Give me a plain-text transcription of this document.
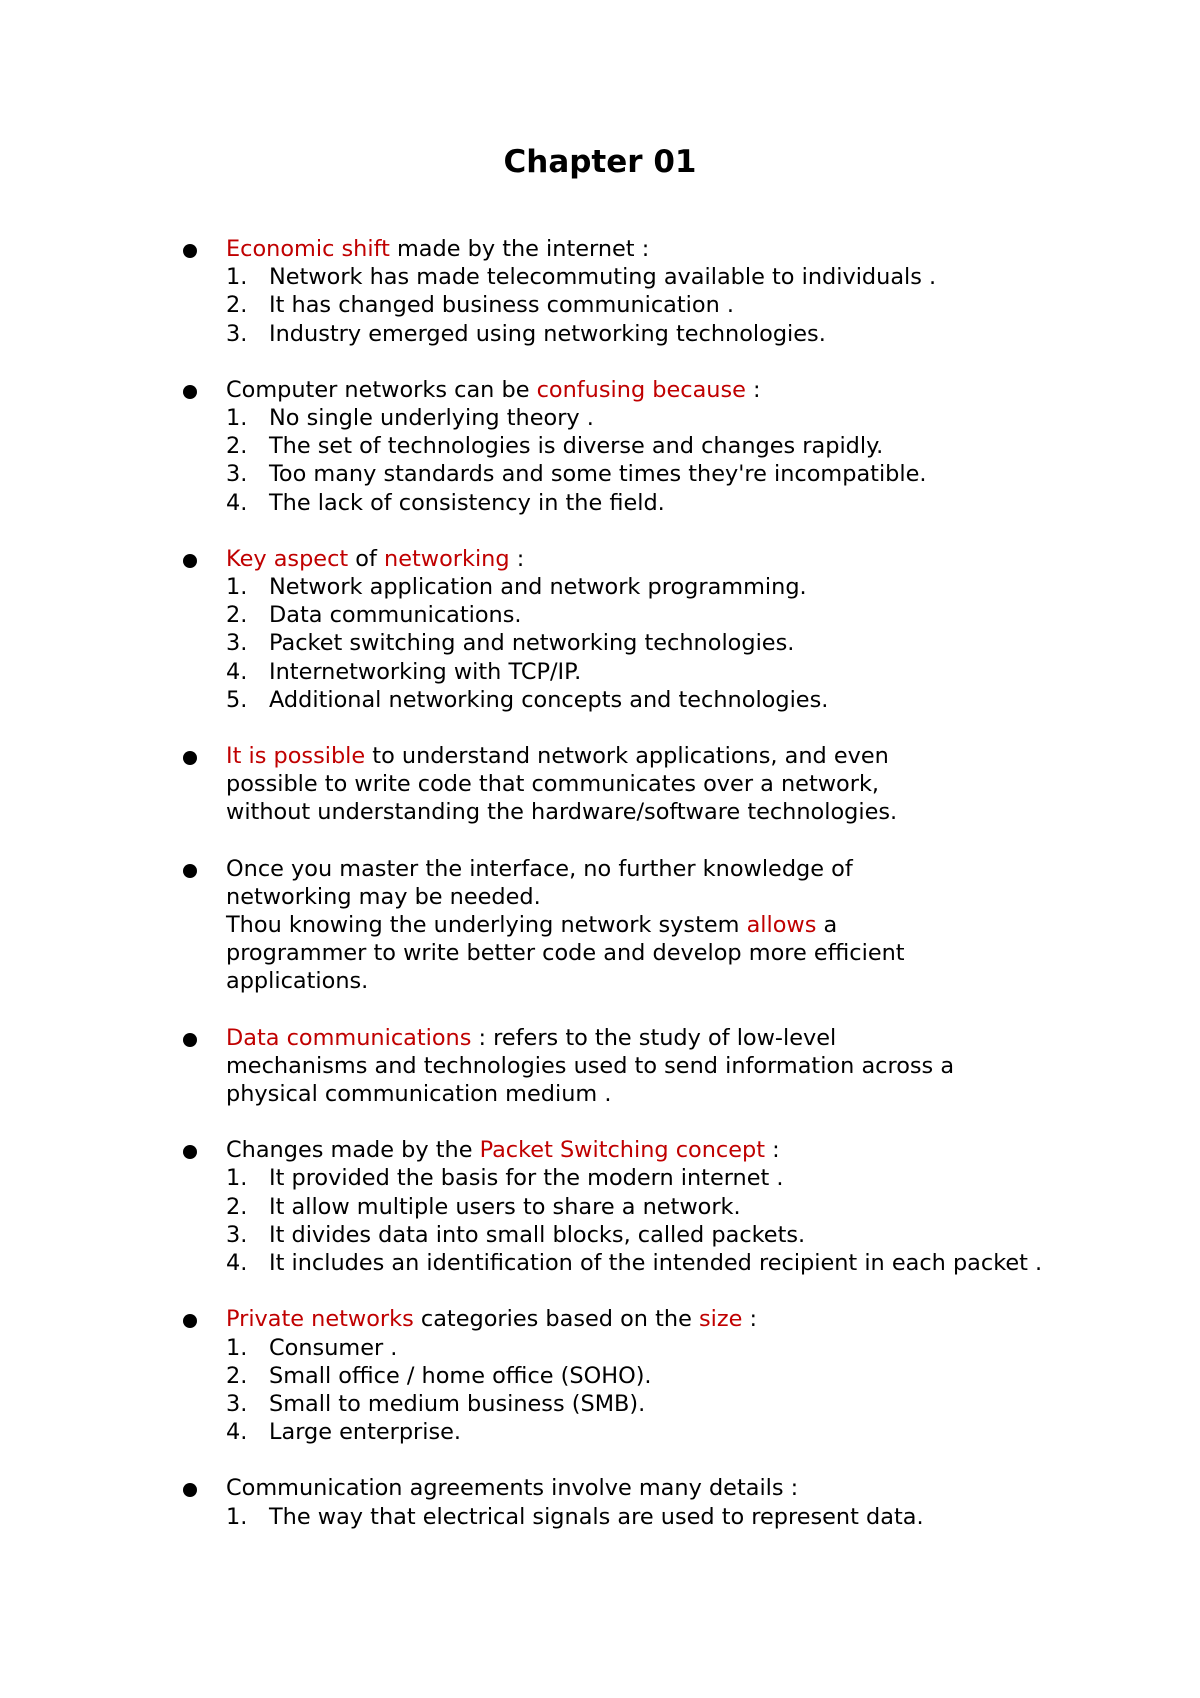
Chapter 01
Economic shift made by the internet :
1. Network has made telecommuting available to individuals .
2. It has changed business communication .
3. Industry emerged using networking technologies.
Computer networks can be confusing because :
1. No single underlying theory .
2. The set of technologies is diverse and changes rapidly.
3. Too many standards and some times they're incompatible.
4. The lack of consistency in the field.
Key aspect of networking :
1. Network application and network programming.
2. Data communications.
3. Packet switching and networking technologies.
4. Internetworking with TCP/IP.
5. Additional networking concepts and technologies.
It is possible to understand network applications, and even
possible to write code that communicates over a network,
without understanding the hardware/software technologies.
Once you master the interface, no further knowledge of
networking may be needed.
Thou knowing the underlying network system allows a
programmer to write better code and develop more efficient
applications.
Data communications : refers to the study of low-level
mechanisms and technologies used to send information across a
physical communication medium .
Changes made by the Packet Switching concept :
1. It provided the basis for the modern internet .
2. It allow multiple users to share a network.
3. It divides data into small blocks, called packets.
4. It includes an identification of the intended recipient in each packet .
Private networks categories based on the size :
1. Consumer .
2. Small office / home office (SOHO).
3. Small to medium business (SMB).
4. Large enterprise.
Communication agreements involve many details :
1. The way that electrical signals are used to represent data.
